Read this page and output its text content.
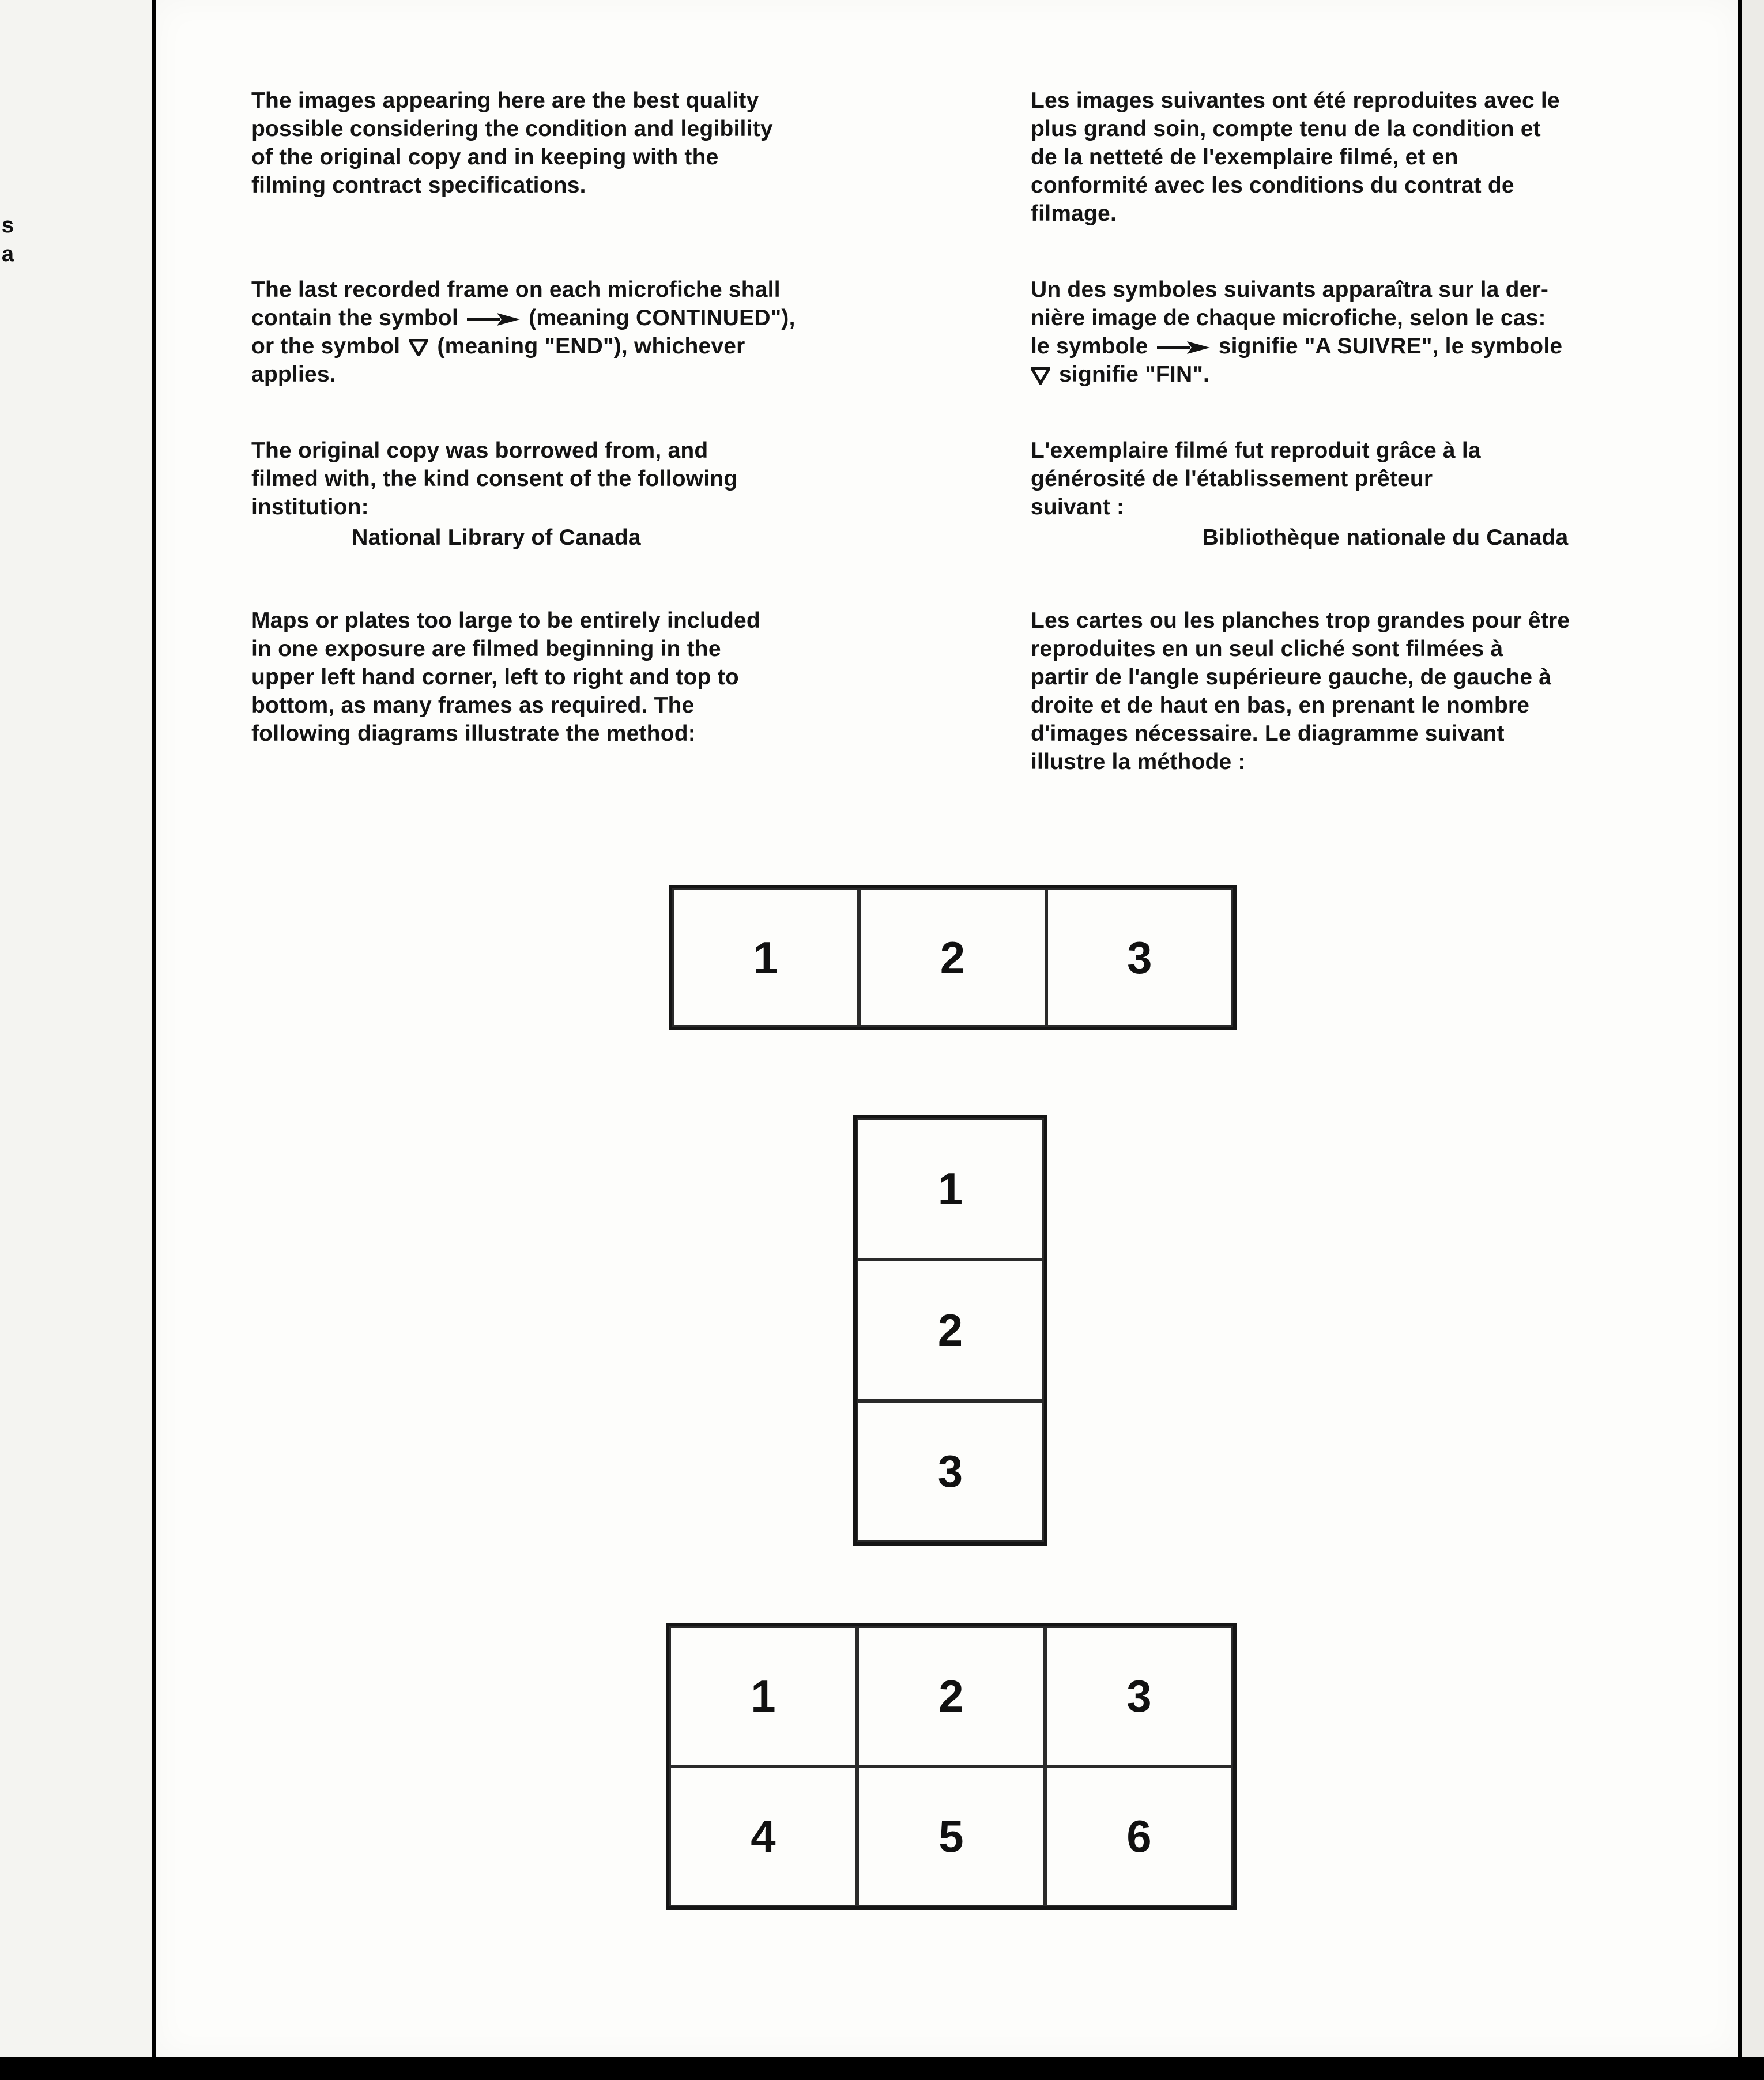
s
a

The images appearing here are the best quality

possible considering the condition and legibility

of the original copy and in keeping with the

filming contract specifications.

The last recorded frame on each microfiche shall

contain the symbol	(meaning CONTINUED"),

or the symbol (meaning "END"), whichever

applies.

The original copy was borrowed from, and

filmed with, the kind consent of the following

institution:

National Library of Canada

Maps or plates too large to be entirely included

in one exposure are filmed beginning in the

upper left hand corner, left to right and top to

bottom, as many frames as required. The

following diagrams illustrate the method:

Les images suivantes ont été reproduites avec le

plus grand soin, compte tenu de la condition et

de la netteté de l'exemplaire filmé, et en

conformité avec les conditions du contrat de

filmage.

Un des symboles suivants apparaîtra sur la der-

nière image de chaque microfiche, selon le cas:

le symbole	signifie "A SUIVRE", le symbole

signifie "FIN".

L'exemplaire filmé fut reproduit grâce à la

générosité de l'établissement prêteur

suivant :

Bibliothèque nationale du Canada

Les cartes ou les planches trop grandes pour être

reproduites en un seul cliché sont filmées à

partir de l'angle supérieure gauche, de gauche à

droite et de haut en bas, en prenant le nombre

d'images nécessaire. Le diagramme suivant

illustre la méthode :

1	2	3
1
2
3
1	2	3
4	5	6
